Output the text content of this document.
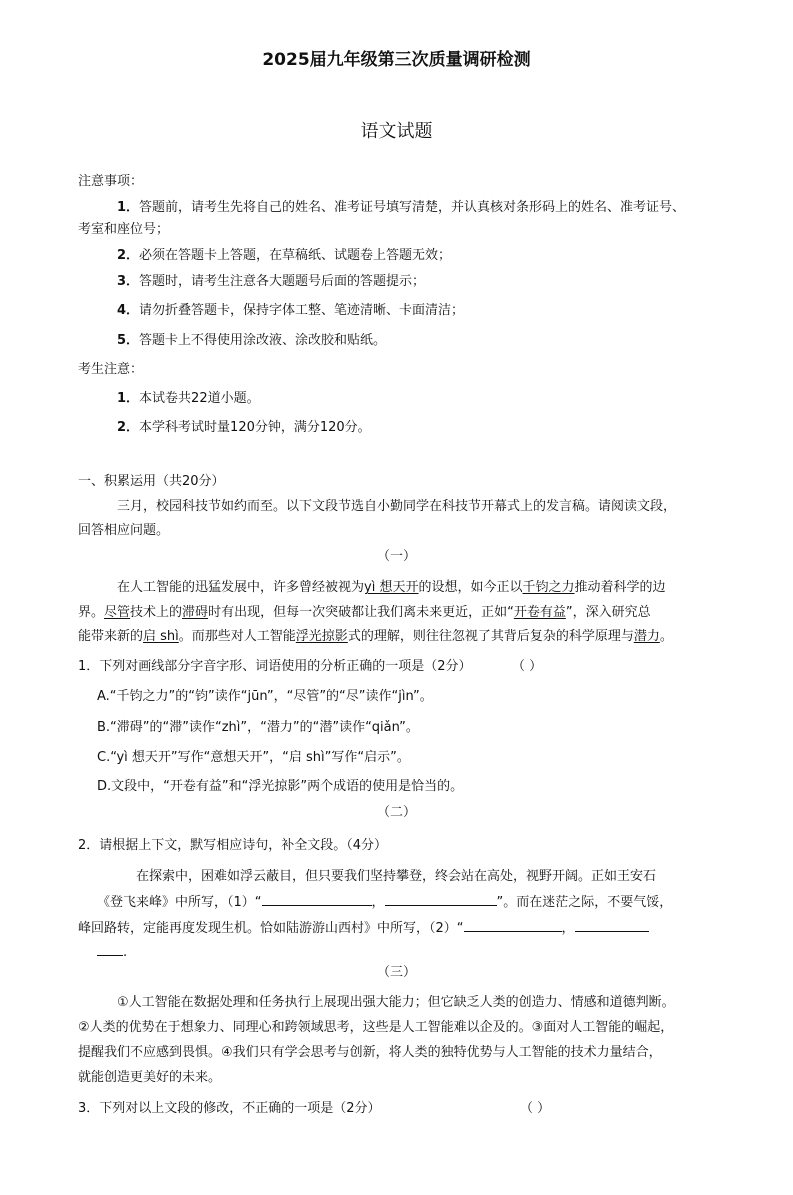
2025届九年级第三次质量调研检测
语文试题
注意事项：
1．答题前，请考生先将自己的姓名、准考证号填写清楚，并认真核对条形码上的姓名、准考证号、
考室和座位号；
2．必须在答题卡上答题，在草稿纸、试题卷上答题无效；
3．答题时，请考生注意各大题题号后面的答题提示；
4．请勿折叠答题卡，保持字体工整、笔迹清晰、卡面清洁；
5．答题卡上不得使用涂改液、涂改胶和贴纸。
考生注意：
1．本试卷共22道小题。
2．本学科考试时量120分钟，满分120分。
一、积累运用（共20分）
三月，校园科技节如约而至。以下文段节选自小勤同学在科技节开幕式上的发言稿。请阅读文段，
回答相应问题。
（一）
在人工智能的迅猛发展中，许多曾经被视为yì 想天开的设想，如今正以千钧之力推动着科学的边
界。尽管技术上的滞碍时有出现，但每一次突破都让我们离未来更近，正如“开卷有益”，深入研究总
能带来新的启 shì。而那些对人工智能浮光掠影式的理解，则往往忽视了其背后复杂的科学原理与潜力。
1．下列对画线部分字音字形、词语使用的分析正确的一项是（2分）	（ ）
A.“千钧之力”的“钧”读作“jūn”，“尽管”的“尽”读作“jìn”。
B.“滞碍”的“滞”读作“zhì”，“潜力”的“潜”读作“qiǎn”。
C.“yì 想天开”写作“意想天开”，“启 shì”写作“启示”。
D.文段中，“开卷有益”和“浮光掠影”两个成语的使用是恰当的。
（二）
2．请根据上下文，默写相应诗句，补全文段。（4分）
在探索中，困难如浮云蔽目，但只要我们坚持攀登，终会站在高处，视野开阔。正如王安石
《登飞来峰》中所写，（1）“	，	”。而在迷茫之际，不要气馁，
峰回路转，定能再度发现生机。恰如陆游游山西村》中所写，（2）“	，
.
（三）
①人工智能在数据处理和任务执行上展现出强大能力；但它缺乏人类的创造力、情感和道德判断。
②人类的优势在于想象力、同理心和跨领域思考，这些是人工智能难以企及的。③面对人工智能的崛起，
提醒我们不应感到畏惧。④我们只有学会思考与创新，将人类的独特优势与人工智能的技术力量结合，
就能创造更美好的未来。
3．下列对以上文段的修改，不正确的一项是（2分）	（ ）
